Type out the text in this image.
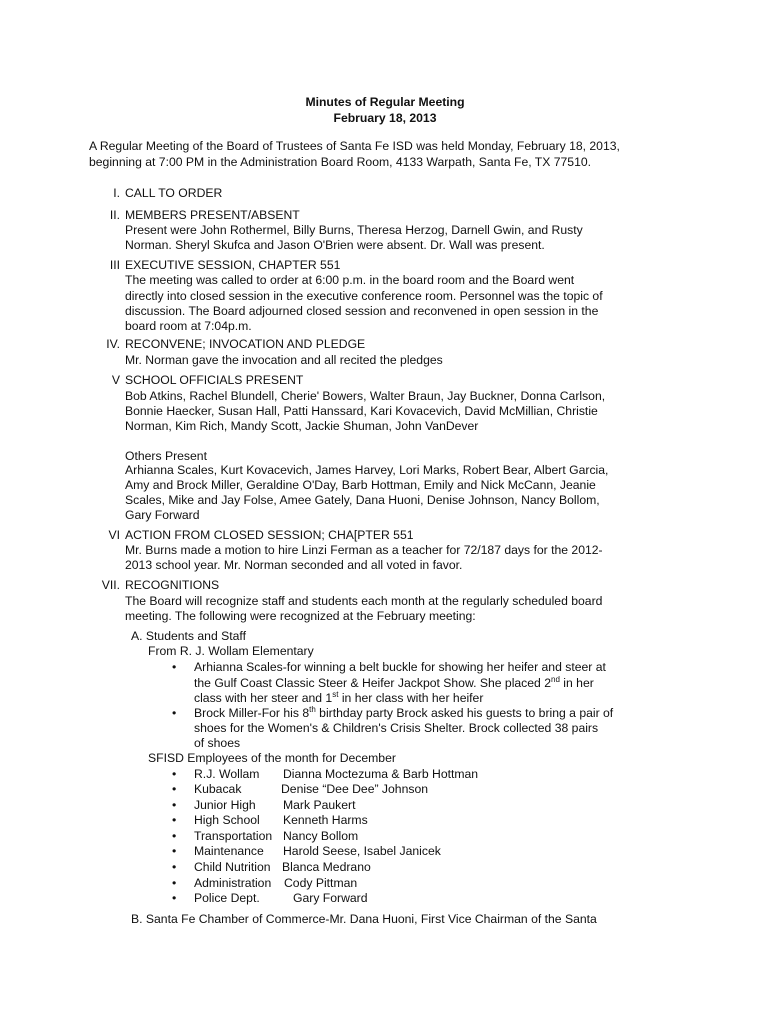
Minutes of Regular Meeting
February 18, 2013
A Regular Meeting of the Board of Trustees of Santa Fe ISD was held Monday, February 18, 2013,
beginning at 7:00 PM in the Administration Board Room, 4133 Warpath, Santa Fe, TX 77510.
I. CALL TO ORDER
II. MEMBERS PRESENT/ABSENT
Present were John Rothermel, Billy Burns, Theresa Herzog, Darnell Gwin, and Rusty
Norman. Sheryl Skufca and Jason O'Brien were absent. Dr. Wall was present.
III EXECUTIVE SESSION, CHAPTER 551
The meeting was called to order at 6:00 p.m. in the board room and the Board went
directly into closed session in the executive conference room. Personnel was the topic of
discussion. The Board adjourned closed session and reconvened in open session in the
board room at 7:04p.m.
IV. RECONVENE; INVOCATION AND PLEDGE
Mr. Norman gave the invocation and all recited the pledges
V SCHOOL OFFICIALS PRESENT
Bob Atkins, Rachel Blundell, Cherie' Bowers, Walter Braun, Jay Buckner, Donna Carlson,
Bonnie Haecker, Susan Hall, Patti Hanssard, Kari Kovacevich, David McMillian, Christie
Norman, Kim Rich, Mandy Scott, Jackie Shuman, John VanDever
Others Present
Arhianna Scales, Kurt Kovacevich, James Harvey, Lori Marks, Robert Bear, Albert Garcia,
Amy and Brock Miller, Geraldine O'Day, Barb Hottman, Emily and Nick McCann, Jeanie
Scales, Mike and Jay Folse, Amee Gately, Dana Huoni, Denise Johnson, Nancy Bollom,
Gary Forward
VI ACTION FROM CLOSED SESSION; CHA[PTER 551
Mr. Burns made a motion to hire Linzi Ferman as a teacher for 72/187 days for the 2012-
2013 school year. Mr. Norman seconded and all voted in favor.
VII. RECOGNITIONS
The Board will recognize staff and students each month at the regularly scheduled board
meeting. The following were recognized at the February meeting:
A. Students and Staff
From R. J. Wollam Elementary
•	Arhianna Scales-for winning a belt buckle for showing her heifer and steer at
the Gulf Coast Classic Steer & Heifer Jackpot Show. She placed 2nd in her
class with her steer and 1st in her class with her heifer
•	Brock Miller-For his 8th birthday party Brock asked his guests to bring a pair of
shoes for the Women's & Children's Crisis Shelter. Brock collected 38 pairs
of shoes
SFISD Employees of the month for December
•	R.J. Wollam Dianna Moctezuma & Barb Hottman
•	Kubacak	Denise “Dee Dee” Johnson
•	Junior High Mark Paukert
•	High School Kenneth Harms
•	Transportation Nancy Bollom
•	Maintenance Harold Seese, Isabel Janicek
•	Child Nutrition Blanca Medrano
•	Administration Cody Pittman
•	Police Dept.	Gary Forward
B. Santa Fe Chamber of Commerce-Mr. Dana Huoni, First Vice Chairman of the Santa
